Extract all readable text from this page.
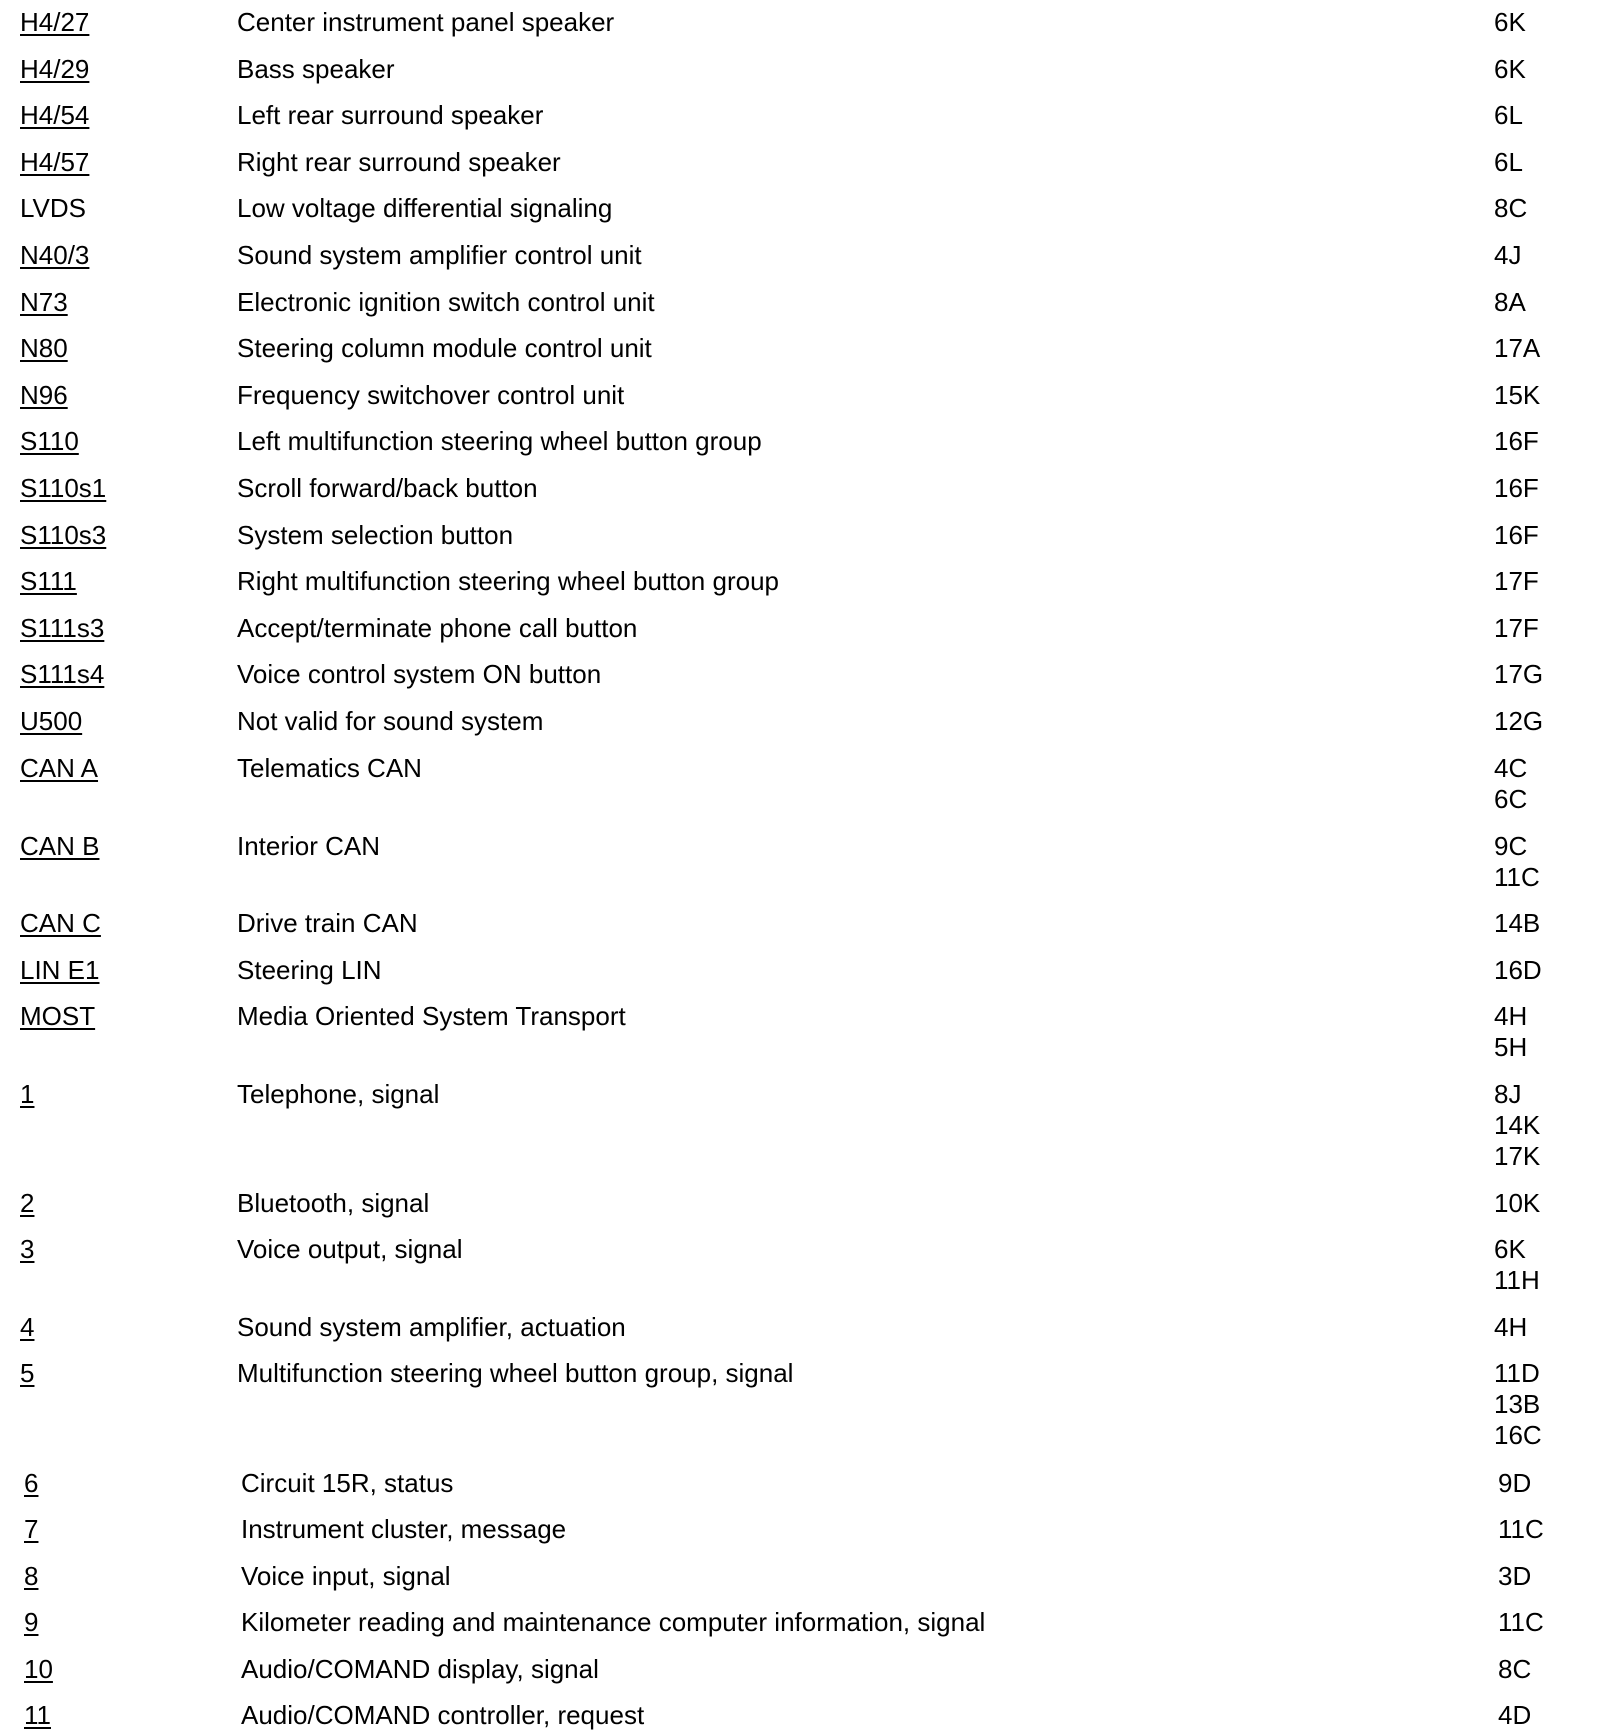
H4/27	Center instrument panel speaker	6K
H4/29	Bass speaker	6K
H4/54	Left rear surround speaker	6L
H4/57	Right rear surround speaker	6L
LVDS	Low voltage differential signaling	8C
N40/3	Sound system amplifier control unit	4J
N73	Electronic ignition switch control unit	8A
N80	Steering column module control unit	17A
N96	Frequency switchover control unit	15K
S110	Left multifunction steering wheel button group	16F
S110s1	Scroll forward/back button	16F
S110s3	System selection button	16F
S111	Right multifunction steering wheel button group	17F
S111s3	Accept/terminate phone call button	17F
S111s4	Voice control system ON button	17G
U500	Not valid for sound system	12G
CAN A	Telematics CAN	4C
6C
CAN B	Interior CAN	9C
11C
CAN C	Drive train CAN	14B
LIN E1	Steering LIN	16D
MOST	Media Oriented System Transport	4H
5H
1	Telephone, signal	8J
14K
17K
2	Bluetooth, signal	10K
3	Voice output, signal	6K
11H
4	Sound system amplifier, actuation	4H
5	Multifunction steering wheel button group, signal	11D
13B
16C
6	Circuit 15R, status	9D
7	Instrument cluster, message	11C
8	Voice input, signal	3D
9	Kilometer reading and maintenance computer information, signal	11C
10	Audio/COMAND display, signal	8C
11	Audio/COMAND controller, request	4D
